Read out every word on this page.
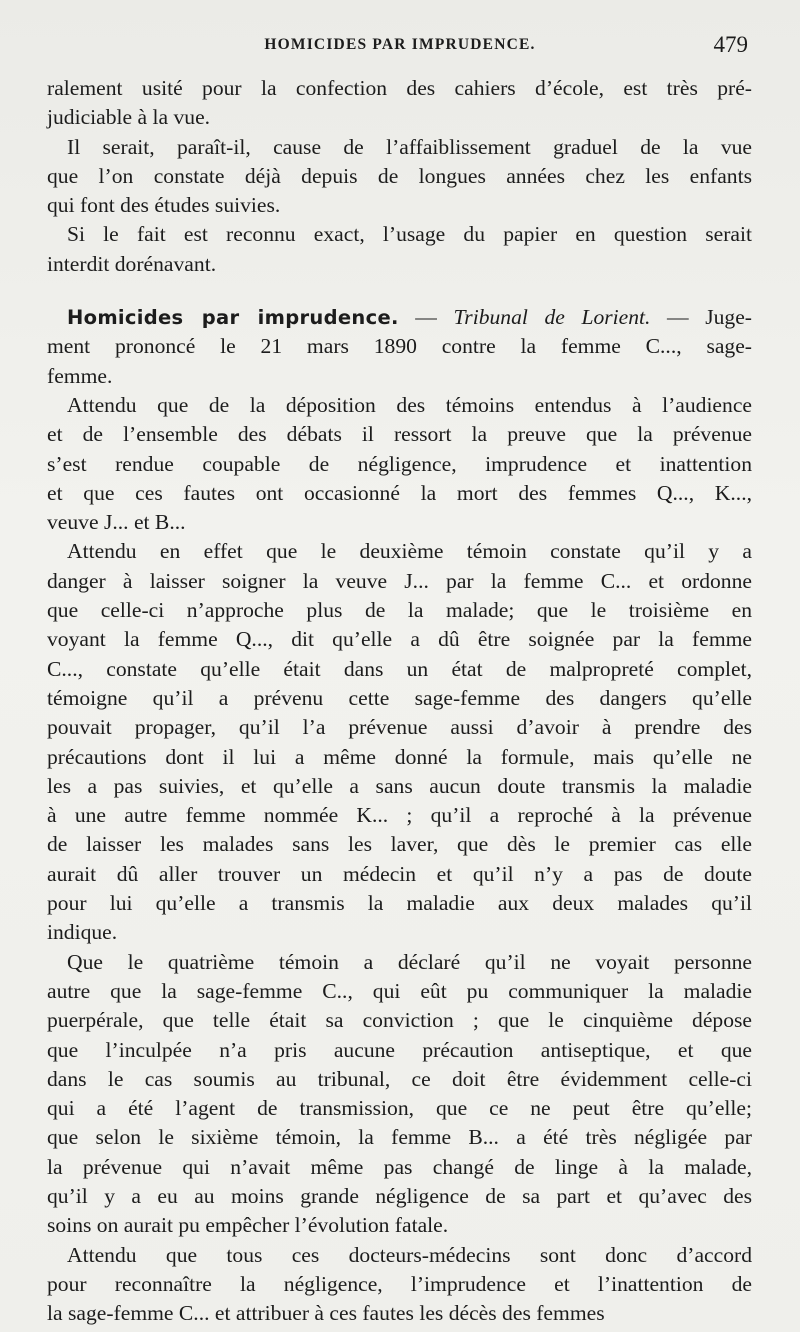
HOMICIDES PAR IMPRUDENCE.	479

ralement usité pour la confection des cahiers d’école, est très pré-
judiciable à la vue.

Il serait, paraît-il, cause de l’affaiblissement graduel de la vue
que l’on constate déjà depuis de longues années chez les enfants
qui font des études suivies.

Si le fait est reconnu exact, l’usage du papier en question serait
interdit dorénavant.

Homicides par imprudence. — Tribunal de Lorient. — Juge-
ment prononcé le 21 mars 1890 contre la femme C..., sage-
femme.

Attendu que de la déposition des témoins entendus à l’audience
et de l’ensemble des débats il ressort la preuve que la prévenue
s’est rendue coupable de négligence, imprudence et inattention
et que ces fautes ont occasionné la mort des femmes Q..., K...,
veuve J... et B...

Attendu en effet que le deuxième témoin constate qu’il y a
danger à laisser soigner la veuve J... par la femme C... et ordonne
que celle-ci n’approche plus de la malade; que le troisième en
voyant la femme Q..., dit qu’elle a dû être soignée par la femme
C..., constate qu’elle était dans un état de malpropreté complet,
témoigne qu’il a prévenu cette sage-femme des dangers qu’elle
pouvait propager, qu’il l’a prévenue aussi d’avoir à prendre des
précautions dont il lui a même donné la formule, mais qu’elle ne
les a pas suivies, et qu’elle a sans aucun doute transmis la maladie
à une autre femme nommée K... ; qu’il a reproché à la prévenue
de laisser les malades sans les laver, que dès le premier cas elle
aurait dû aller trouver un médecin et qu’il n’y a pas de doute
pour lui qu’elle a transmis la maladie aux deux malades qu’il
indique.

Que le quatrième témoin a déclaré qu’il ne voyait personne
autre que la sage-femme C.., qui eût pu communiquer la maladie
puerpérale, que telle était sa conviction ; que le cinquième dépose
que l’inculpée n’a pris aucune précaution antiseptique, et que
dans le cas soumis au tribunal, ce doit être évidemment celle-ci
qui a été l’agent de transmission, que ce ne peut être qu’elle;
que selon le sixième témoin, la femme B... a été très négligée par
la prévenue qui n’avait même pas changé de linge à la malade,
qu’il y a eu au moins grande négligence de sa part et qu’avec des
soins on aurait pu empêcher l’évolution fatale.

Attendu que tous ces docteurs-médecins sont donc d’accord
pour reconnaître la négligence, l’imprudence et l’inattention de
la sage-femme C... et attribuer à ces fautes les décès des femmes
